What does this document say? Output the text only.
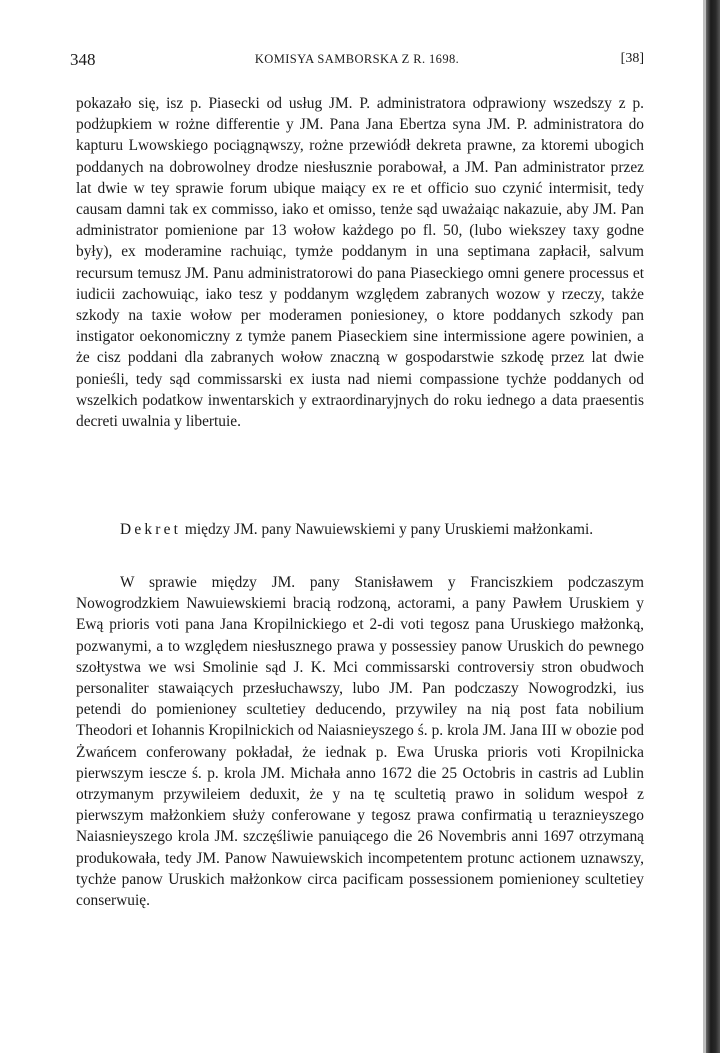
348	KOMISYA SAMBORSKA Z R. 1698.	[38]

pokazało się, isz p. Piasecki od usług JM. P. administratora odprawiony wszedszy z p. podżupkiem w rożne differentie y JM. Pana Jana Ebertza syna JM. P. administratora do kapturu Lwowskiego pociągnąwszy, rożne przewiódł dekreta prawne, za ktoremi ubogich poddanych na dobrowolney drodze niesłusznie porabował, a JM. Pan administrator przez lat dwie w tey sprawie forum ubique maiący ex re et officio suo czynić intermisit, tedy causam damni tak ex commisso, iako et omisso, tenże sąd uważaiąc nakazuie, aby JM. Pan administrator pomienione par 13 wołow każdego po fl. 50, (lubo wiekszey taxy godne były), ex moderamine rachuiąc, tymże poddanym in una septimana zapłacił, salvum recursum temusz JM. Panu administratorowi do pana Piaseckiego omni genere processus et iudicii zachowuiąc, iako tesz y poddanym względem zabranych wozow y rzeczy, także szkody na taxie wołow per moderamen poniesioney, o ktore poddanych szkody pan instigator oekonomiczny z tymże panem Piaseckiem sine intermissione agere powinien, a że cisz poddani dla zabranych wołow znaczną w gospodarstwie szkodę przez lat dwie ponieśli, tedy sąd commissarski ex iusta nad niemi compassione tychże poddanych od wszelkich podatkow inwentarskich y extraordinaryjnych do roku iednego a data praesentis decreti uwalnia y libertuie.

Dekret między JM. pany Nawuiewskiemi y pany Uruskiemi małżonkami.

W sprawie między JM. pany Stanisławem y Franciszkiem podczaszym Nowogrodzkiem Nawuiewskiemi bracią rodzoną, actorami, a pany Pawłem Uruskiem y Ewą prioris voti pana Jana Kropilnickiego et 2-di voti tegosz pana Uruskiego małżonką, pozwanymi, a to względem niesłusznego prawa y possessiey panow Uruskich do pewnego szołtystwa we wsi Smolinie sąd J. K. Mci commissarski controversiy stron obudwoch personaliter stawaiących przesłuchawszy, lubo JM. Pan podczaszy Nowogrodzki, ius petendi do pomienioney scultetiey deducendo, przywiley na nią post fata nobilium Theodori et Iohannis Kropilnickich od Naiasnieyszego ś. p. krola JM. Jana III w obozie pod Żwańcem conferowany pokładał, że iednak p. Ewa Uruska prioris voti Kropilnicka pierwszym iescze ś. p. krola JM. Michała anno 1672 die 25 Octobris in castris ad Lublin otrzymanym przywileiem deduxit, że y na tę scultetią prawo in solidum wespoł z pierwszym małżonkiem służy conferowane y tegosz prawa confirmatią u teraznieyszego Naiasnieyszego krola JM. szczęśliwie panuiącego die 26 Novembris anni 1697 otrzymaną produkowała, tedy JM. Panow Nawuiewskich incompetentem protunc actionem uznawszy, tychże panow Uruskich małżonkow circa pacificam possessionem pomienioney scultetiey conserwuię.
